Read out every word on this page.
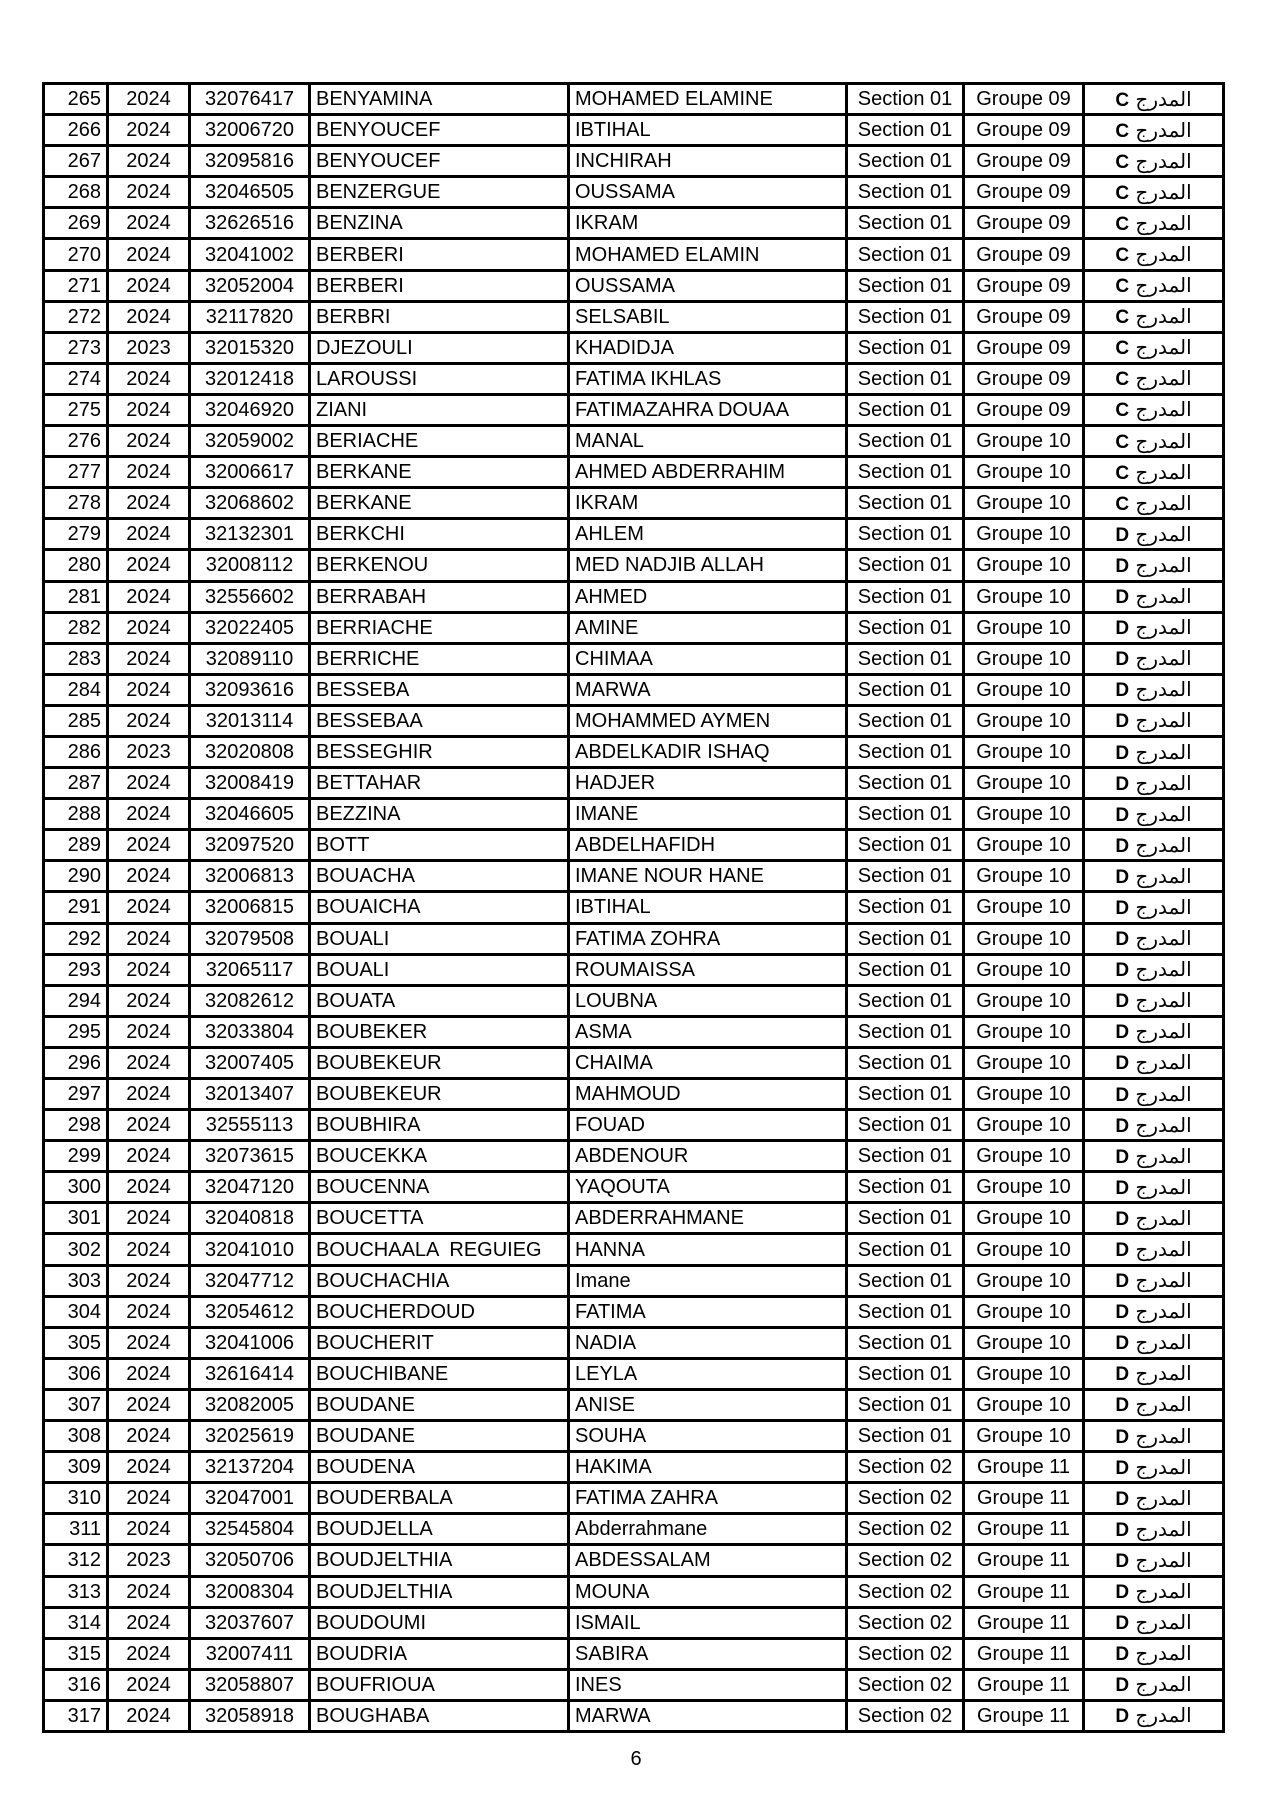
265	2024	32076417	BENYAMINA	MOHAMED ELAMINE	Section 01	Groupe 09	المدرج C
266	2024	32006720	BENYOUCEF	IBTIHAL	Section 01	Groupe 09	المدرج C
267	2024	32095816	BENYOUCEF	INCHIRAH	Section 01	Groupe 09	المدرج C
268	2024	32046505	BENZERGUE	OUSSAMA	Section 01	Groupe 09	المدرج C
269	2024	32626516	BENZINA	IKRAM	Section 01	Groupe 09	المدرج C
270	2024	32041002	BERBERI	MOHAMED ELAMIN	Section 01	Groupe 09	المدرج C
271	2024	32052004	BERBERI	OUSSAMA	Section 01	Groupe 09	المدرج C
272	2024	32117820	BERBRI	SELSABIL	Section 01	Groupe 09	المدرج C
273	2023	32015320	DJEZOULI	KHADIDJA	Section 01	Groupe 09	المدرج C
274	2024	32012418	LAROUSSI	FATIMA IKHLAS	Section 01	Groupe 09	المدرج C
275	2024	32046920	ZIANI	FATIMAZAHRA DOUAA	Section 01	Groupe 09	المدرج C
276	2024	32059002	BERIACHE	MANAL	Section 01	Groupe 10	المدرج C
277	2024	32006617	BERKANE	AHMED ABDERRAHIM	Section 01	Groupe 10	المدرج C
278	2024	32068602	BERKANE	IKRAM	Section 01	Groupe 10	المدرج C
279	2024	32132301	BERKCHI	AHLEM	Section 01	Groupe 10	المدرج D
280	2024	32008112	BERKENOU	MED NADJIB ALLAH	Section 01	Groupe 10	المدرج D
281	2024	32556602	BERRABAH	AHMED	Section 01	Groupe 10	المدرج D
282	2024	32022405	BERRIACHE	AMINE	Section 01	Groupe 10	المدرج D
283	2024	32089110	BERRICHE	CHIMAA	Section 01	Groupe 10	المدرج D
284	2024	32093616	BESSEBA	MARWA	Section 01	Groupe 10	المدرج D
285	2024	32013114	BESSEBAA	MOHAMMED AYMEN	Section 01	Groupe 10	المدرج D
286	2023	32020808	BESSEGHIR	ABDELKADIR ISHAQ	Section 01	Groupe 10	المدرج D
287	2024	32008419	BETTAHAR	HADJER	Section 01	Groupe 10	المدرج D
288	2024	32046605	BEZZINA	IMANE	Section 01	Groupe 10	المدرج D
289	2024	32097520	BOTT	ABDELHAFIDH	Section 01	Groupe 10	المدرج D
290	2024	32006813	BOUACHA	IMANE NOUR HANE	Section 01	Groupe 10	المدرج D
291	2024	32006815	BOUAICHA	IBTIHAL	Section 01	Groupe 10	المدرج D
292	2024	32079508	BOUALI	FATIMA ZOHRA	Section 01	Groupe 10	المدرج D
293	2024	32065117	BOUALI	ROUMAISSA	Section 01	Groupe 10	المدرج D
294	2024	32082612	BOUATA	LOUBNA	Section 01	Groupe 10	المدرج D
295	2024	32033804	BOUBEKER	ASMA	Section 01	Groupe 10	المدرج D
296	2024	32007405	BOUBEKEUR	CHAIMA	Section 01	Groupe 10	المدرج D
297	2024	32013407	BOUBEKEUR	MAHMOUD	Section 01	Groupe 10	المدرج D
298	2024	32555113	BOUBHIRA	FOUAD	Section 01	Groupe 10	المدرج D
299	2024	32073615	BOUCEKKA	ABDENOUR	Section 01	Groupe 10	المدرج D
300	2024	32047120	BOUCENNA	YAQOUTA	Section 01	Groupe 10	المدرج D
301	2024	32040818	BOUCETTA	ABDERRAHMANE	Section 01	Groupe 10	المدرج D
302	2024	32041010	BOUCHAALA  REGUIEG	HANNA	Section 01	Groupe 10	المدرج D
303	2024	32047712	BOUCHACHIA	Imane	Section 01	Groupe 10	المدرج D
304	2024	32054612	BOUCHERDOUD	FATIMA	Section 01	Groupe 10	المدرج D
305	2024	32041006	BOUCHERIT	NADIA	Section 01	Groupe 10	المدرج D
306	2024	32616414	BOUCHIBANE	LEYLA	Section 01	Groupe 10	المدرج D
307	2024	32082005	BOUDANE	ANISE	Section 01	Groupe 10	المدرج D
308	2024	32025619	BOUDANE	SOUHA	Section 01	Groupe 10	المدرج D
309	2024	32137204	BOUDENA	HAKIMA	Section 02	Groupe 11	المدرج D
310	2024	32047001	BOUDERBALA	FATIMA ZAHRA	Section 02	Groupe 11	المدرج D
311	2024	32545804	BOUDJELLA	Abderrahmane	Section 02	Groupe 11	المدرج D
312	2023	32050706	BOUDJELTHIA	ABDESSALAM	Section 02	Groupe 11	المدرج D
313	2024	32008304	BOUDJELTHIA	MOUNA	Section 02	Groupe 11	المدرج D
314	2024	32037607	BOUDOUMI	ISMAIL	Section 02	Groupe 11	المدرج D
315	2024	32007411	BOUDRIA	SABIRA	Section 02	Groupe 11	المدرج D
316	2024	32058807	BOUFRIOUA	INES	Section 02	Groupe 11	المدرج D
317	2024	32058918	BOUGHABA	MARWA	Section 02	Groupe 11	المدرج D
6
